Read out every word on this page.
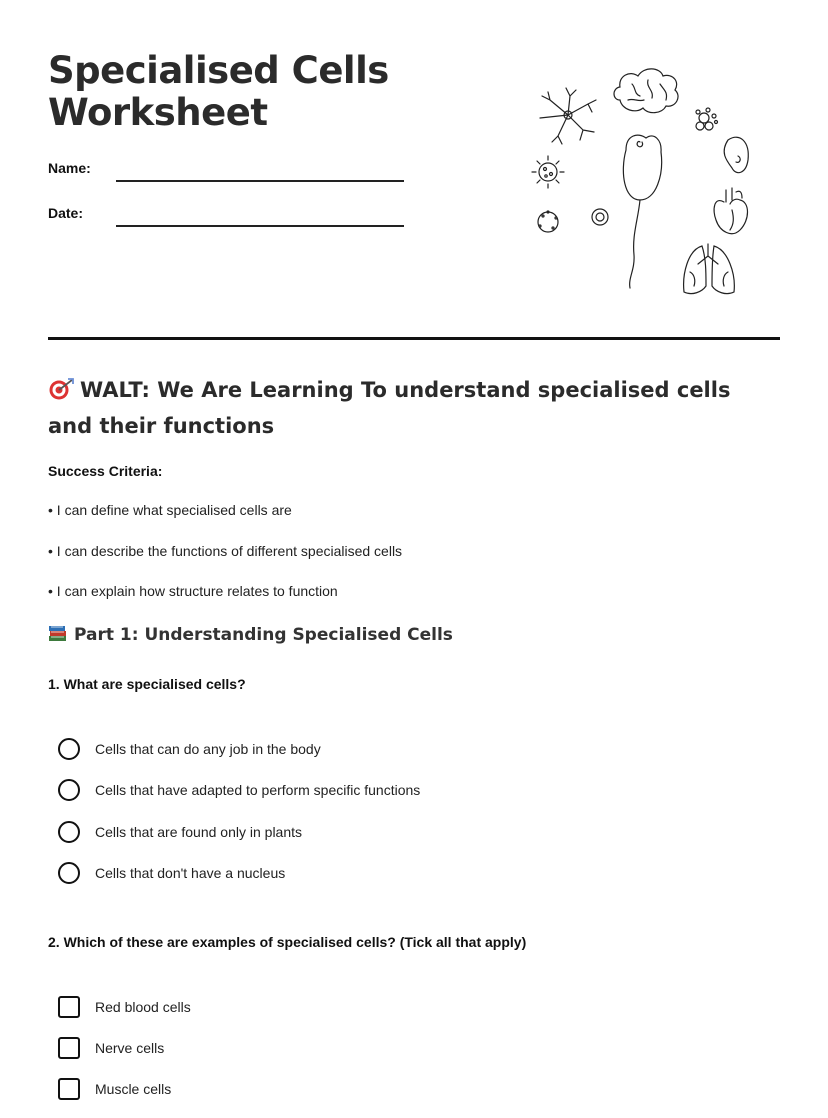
Specialised Cells
Worksheet
Name:
Date:
WALT: We Are Learning To understand specialised cells and their functions
Success Criteria:
• I can define what specialised cells are
• I can describe the functions of different specialised cells
• I can explain how structure relates to function
Part 1: Understanding Specialised Cells
1. What are specialised cells?
Cells that can do any job in the body
Cells that have adapted to perform specific functions
Cells that are found only in plants
Cells that don't have a nucleus
2. Which of these are examples of specialised cells? (Tick all that apply)
Red blood cells
Nerve cells
Muscle cells
